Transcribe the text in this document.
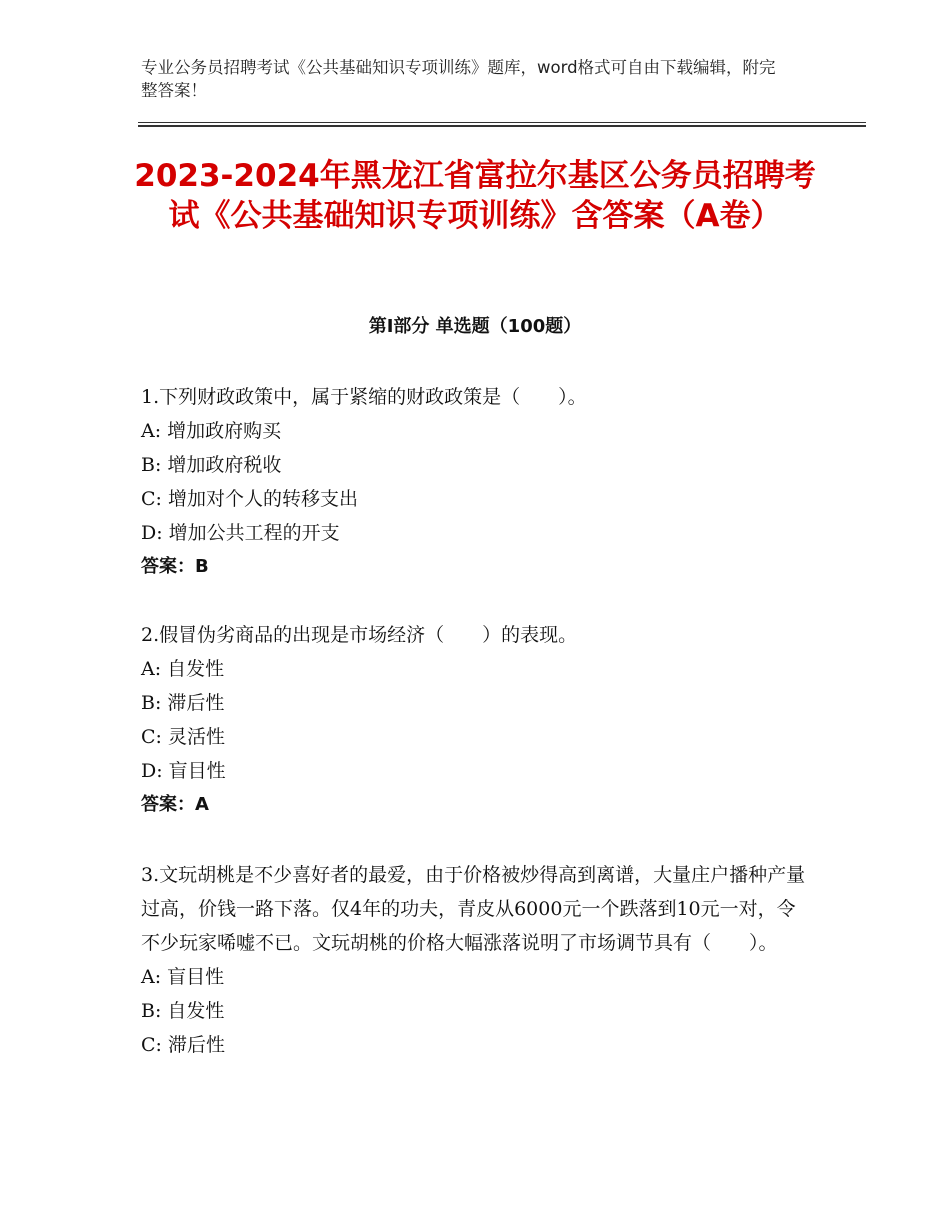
专业公务员招聘考试《公共基础知识专项训练》题库，word格式可自由下载编辑，附完整答案！
2023-2024年黑龙江省富拉尔基区公务员招聘考试《公共基础知识专项训练》含答案（A卷）
第Ⅰ部分 单选题（100题）
1.下列财政政策中，属于紧缩的财政政策是（　　）。
A: 增加政府购买
B: 增加政府税收
C: 增加对个人的转移支出
D: 增加公共工程的开支
答案：B
2.假冒伪劣商品的出现是市场经济（　　）的表现。
A: 自发性
B: 滞后性
C: 灵活性
D: 盲目性
答案：A
3.文玩胡桃是不少喜好者的最爱，由于价格被炒得高到离谱，大量庄户播种产量过高，价钱一路下落。仅4年的功夫，青皮从6000元一个跌落到10元一对，令不少玩家唏嘘不已。文玩胡桃的价格大幅涨落说明了市场调节具有（　　）。
A: 盲目性
B: 自发性
C: 滞后性
